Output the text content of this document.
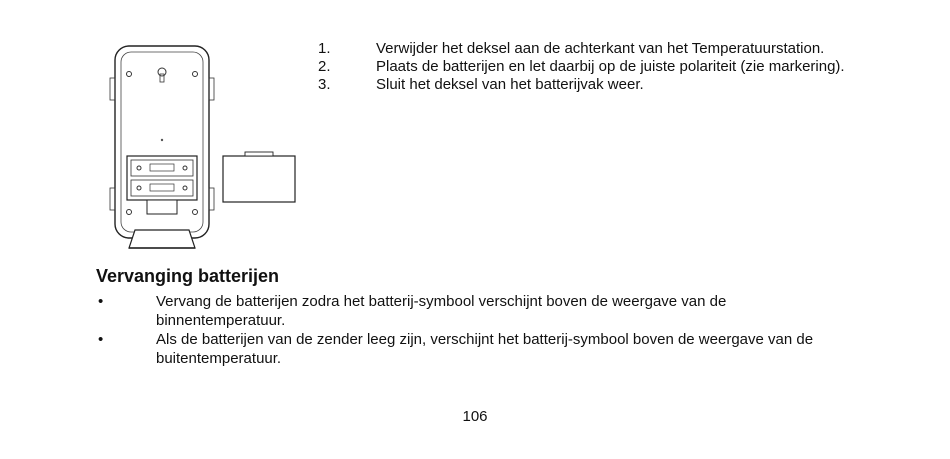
1.	Verwijder het deksel aan de achterkant van het Temperatuurstation.
2.	Plaats de batterijen en let daarbij op de juiste polariteit (zie markering).
3.	Sluit het deksel van het batterijvak weer.
Vervanging batterijen
•	Vervang de batterijen zodra het batterij-symbool verschijnt boven de weergave van de binnentemperatuur.
•	Als de batterijen van de zender leeg zijn, verschijnt het batterij-symbool boven de weergave van de buitentemperatuur.
106
